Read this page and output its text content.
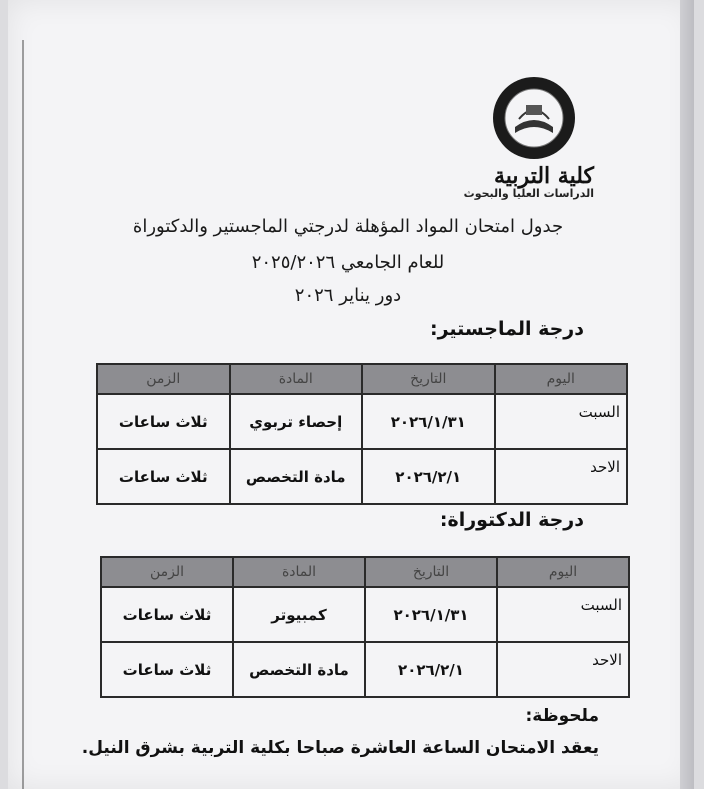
كلية التربية
الدراسات العليا والبحوث
جدول امتحان المواد المؤهلة لدرجتي الماجستير والدكتوراة
للعام الجامعي ٢٠٢٥/٢٠٢٦
دور يناير ٢٠٢٦
درجة الماجستير:
اليوم	التاريخ	المادة	الزمن
السبت	٢٠٢٦/١/٣١	إحصاء تربوي	ثلاث ساعات
الاحد	٢٠٢٦/٢/١	مادة التخصص	ثلاث ساعات
درجة الدكتوراة:
اليوم	التاريخ	المادة	الزمن
السبت	٢٠٢٦/١/٣١	كمبيوتر	ثلاث ساعات
الاحد	٢٠٢٦/٢/١	مادة التخصص	ثلاث ساعات
ملحوظة:
يعقد الامتحان الساعة العاشرة صباحا بكلية التربية بشرق النيل.
